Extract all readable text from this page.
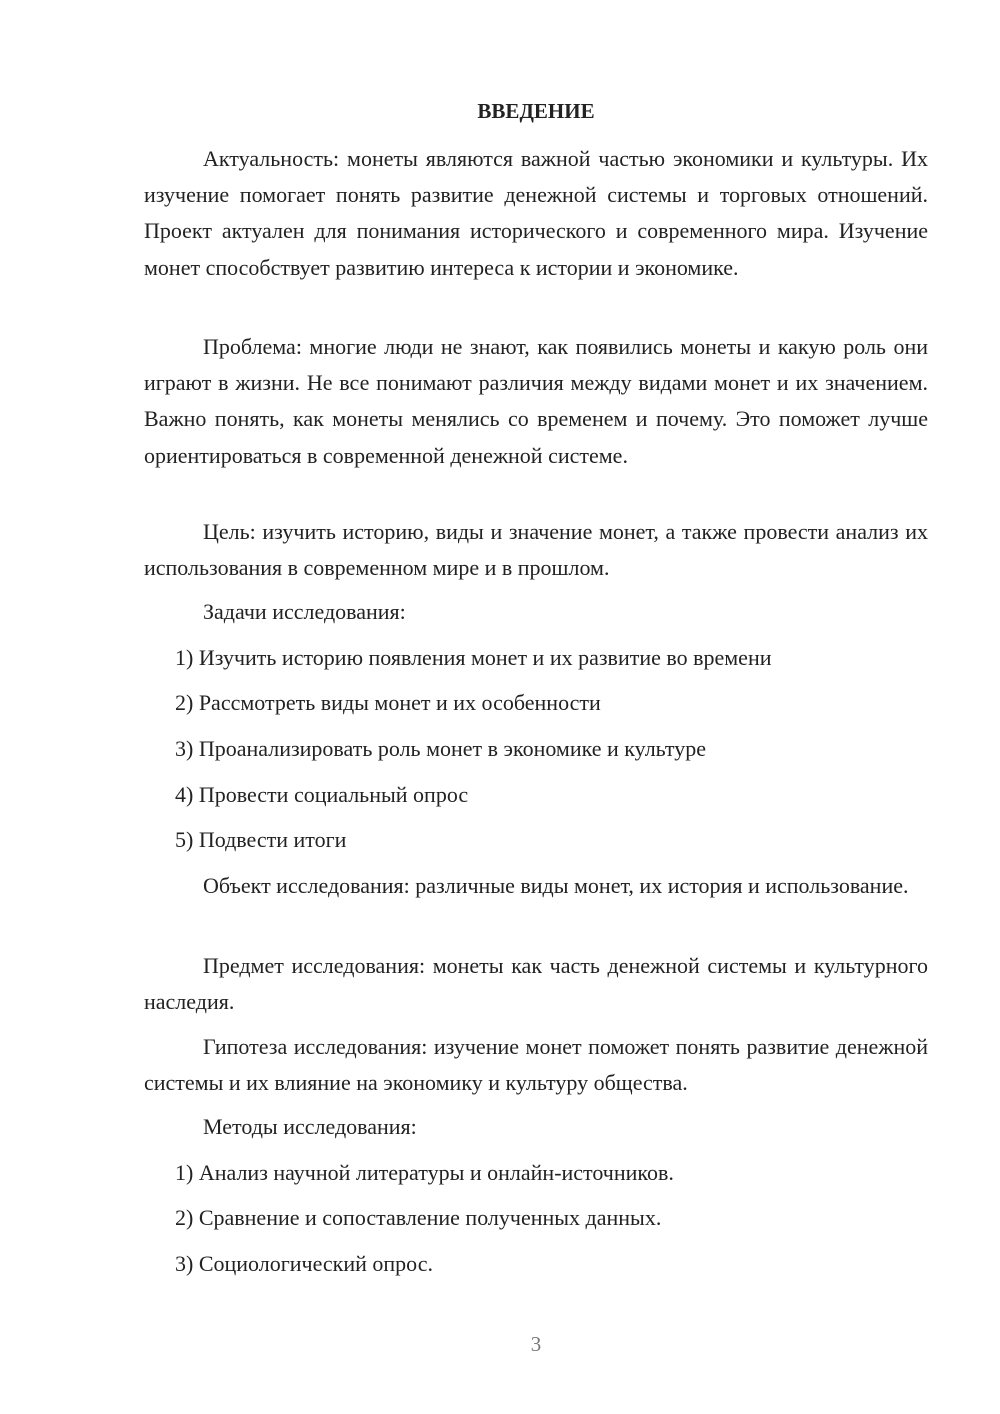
ВВЕДЕНИЕ

Актуальность: монеты являются важной частью экономики и культуры. Их изучение помогает понять развитие денежной системы и торговых отношений. Проект актуален для понимания исторического и современного мира. Изучение монет способствует развитию интереса к истории и экономике.

Проблема: многие люди не знают, как появились монеты и какую роль они играют в жизни. Не все понимают различия между видами монет и их значением. Важно понять, как монеты менялись со временем и почему. Это поможет лучше ориентироваться в современной денежной системе.

Цель: изучить историю, виды и значение монет, а также провести анализ их использования в современном мире и в прошлом.

Задачи исследования:

1) Изучить историю появления монет и их развитие во времени

2) Рассмотреть виды монет и их особенности

3) Проанализировать роль монет в экономике и культуре

4) Провести социальный опрос

5) Подвести итоги

Объект исследования: различные виды монет, их история и использование.

Предмет исследования: монеты как часть денежной системы и культурного наследия.

Гипотеза исследования: изучение монет поможет понять развитие денежной системы и их влияние на экономику и культуру общества.

Методы исследования:

1) Анализ научной литературы и онлайн-источников.

2) Сравнение и сопоставление полученных данных.

3) Социологический опрос.

3
